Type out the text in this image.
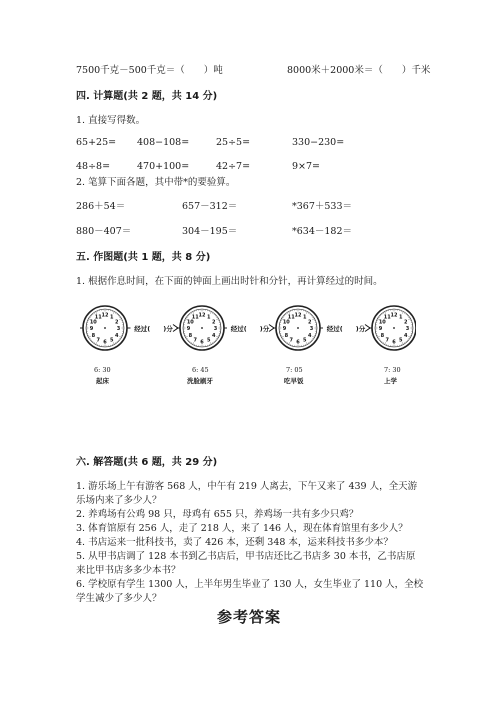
7500千克－500千克＝（　　）吨	8000米＋2000米＝（　　）千米
四. 计算题(共 2 题，共 14 分)
1. 直接写得数。
65+25= 408−108=	25÷5=	330−230=
48÷8=	470+100=	42÷7=	9×7=
2. 笔算下面各题，其中带*的要验算。
286＋54＝	657－312＝	*367＋533＝
880－407＝	304－195＝	*634－182＝
五. 作图题(共 1 题，共 8 分)
1. 根据作息时间，在下面的钟面上画出时针和分针，再计算经过的时间。
12 1
2
3
4
5
6
7
8
9
10
11	12 1
2
3
4
5
6
7
8
9
10
11	12 1
2
3
4
5
6
7
8
9
10
11	12 1
2
3
4
5
6
7
8
9
10
11
经过(　　)分	经过(　　)分	经过(　　)分
6: 30
起床
6: 45
洗脸刷牙
7: 05
吃早饭
7: 30
上学
六. 解答题(共 6 题，共 29 分)
1. 游乐场上午有游客 568 人，中午有 219 人离去，下午又来了 439 人，全天游
乐场内来了多少人？
2. 养鸡场有公鸡 98 只，母鸡有 655 只，养鸡场一共有多少只鸡？
3. 体育馆原有 256 人，走了 218 人，来了 146 人，现在体育馆里有多少人？
4. 书店运来一批科技书，卖了 426 本，还剩 348 本，运来科技书多少本？
5. 从甲书店调了 128 本书到乙书店后，甲书店还比乙书店多 30 本书，乙书店原
来比甲书店多多少本书？
6. 学校原有学生 1300 人，上半年男生毕业了 130 人，女生毕业了 110 人，全校
学生减少了多少人？
参考答案
